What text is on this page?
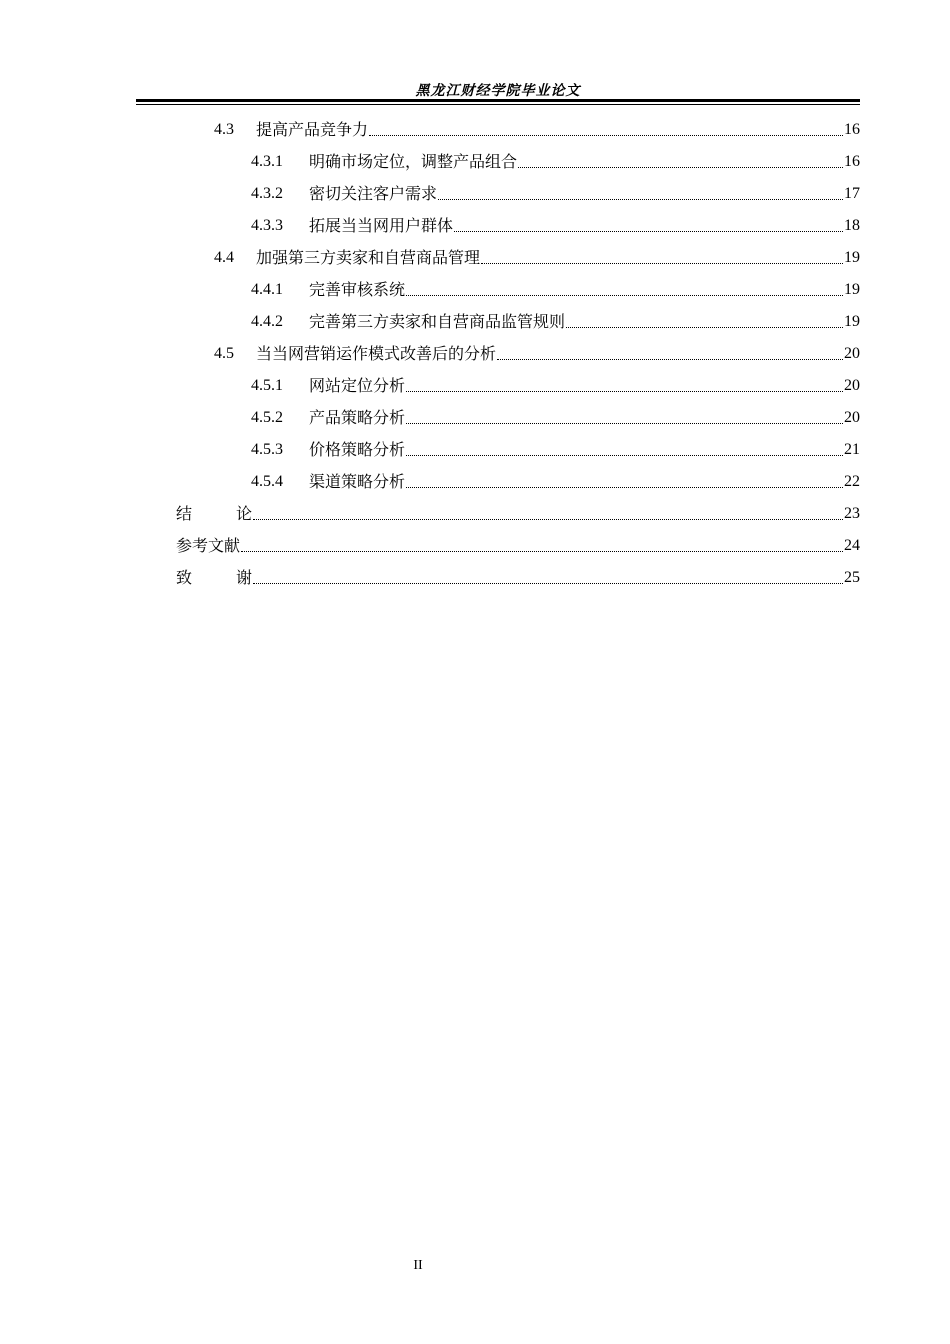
黑龙江财经学院毕业论文
4.3	提高产品竞争力	16
4.3.1	明确市场定位，调整产品组合	16
4.3.2	密切关注客户需求	17
4.3.3	拓展当当网用户群体	18
4.4	加强第三方卖家和自营商品管理	19
4.4.1	完善审核系统	19
4.4.2	完善第三方卖家和自营商品监管规则	19
4.5	当当网营销运作模式改善后的分析	20
4.5.1	网站定位分析	20
4.5.2	产品策略分析	20
4.5.3	价格策略分析	21
4.5.4	渠道策略分析	22
结	论	23
参考文献	24
致	谢	25
II
